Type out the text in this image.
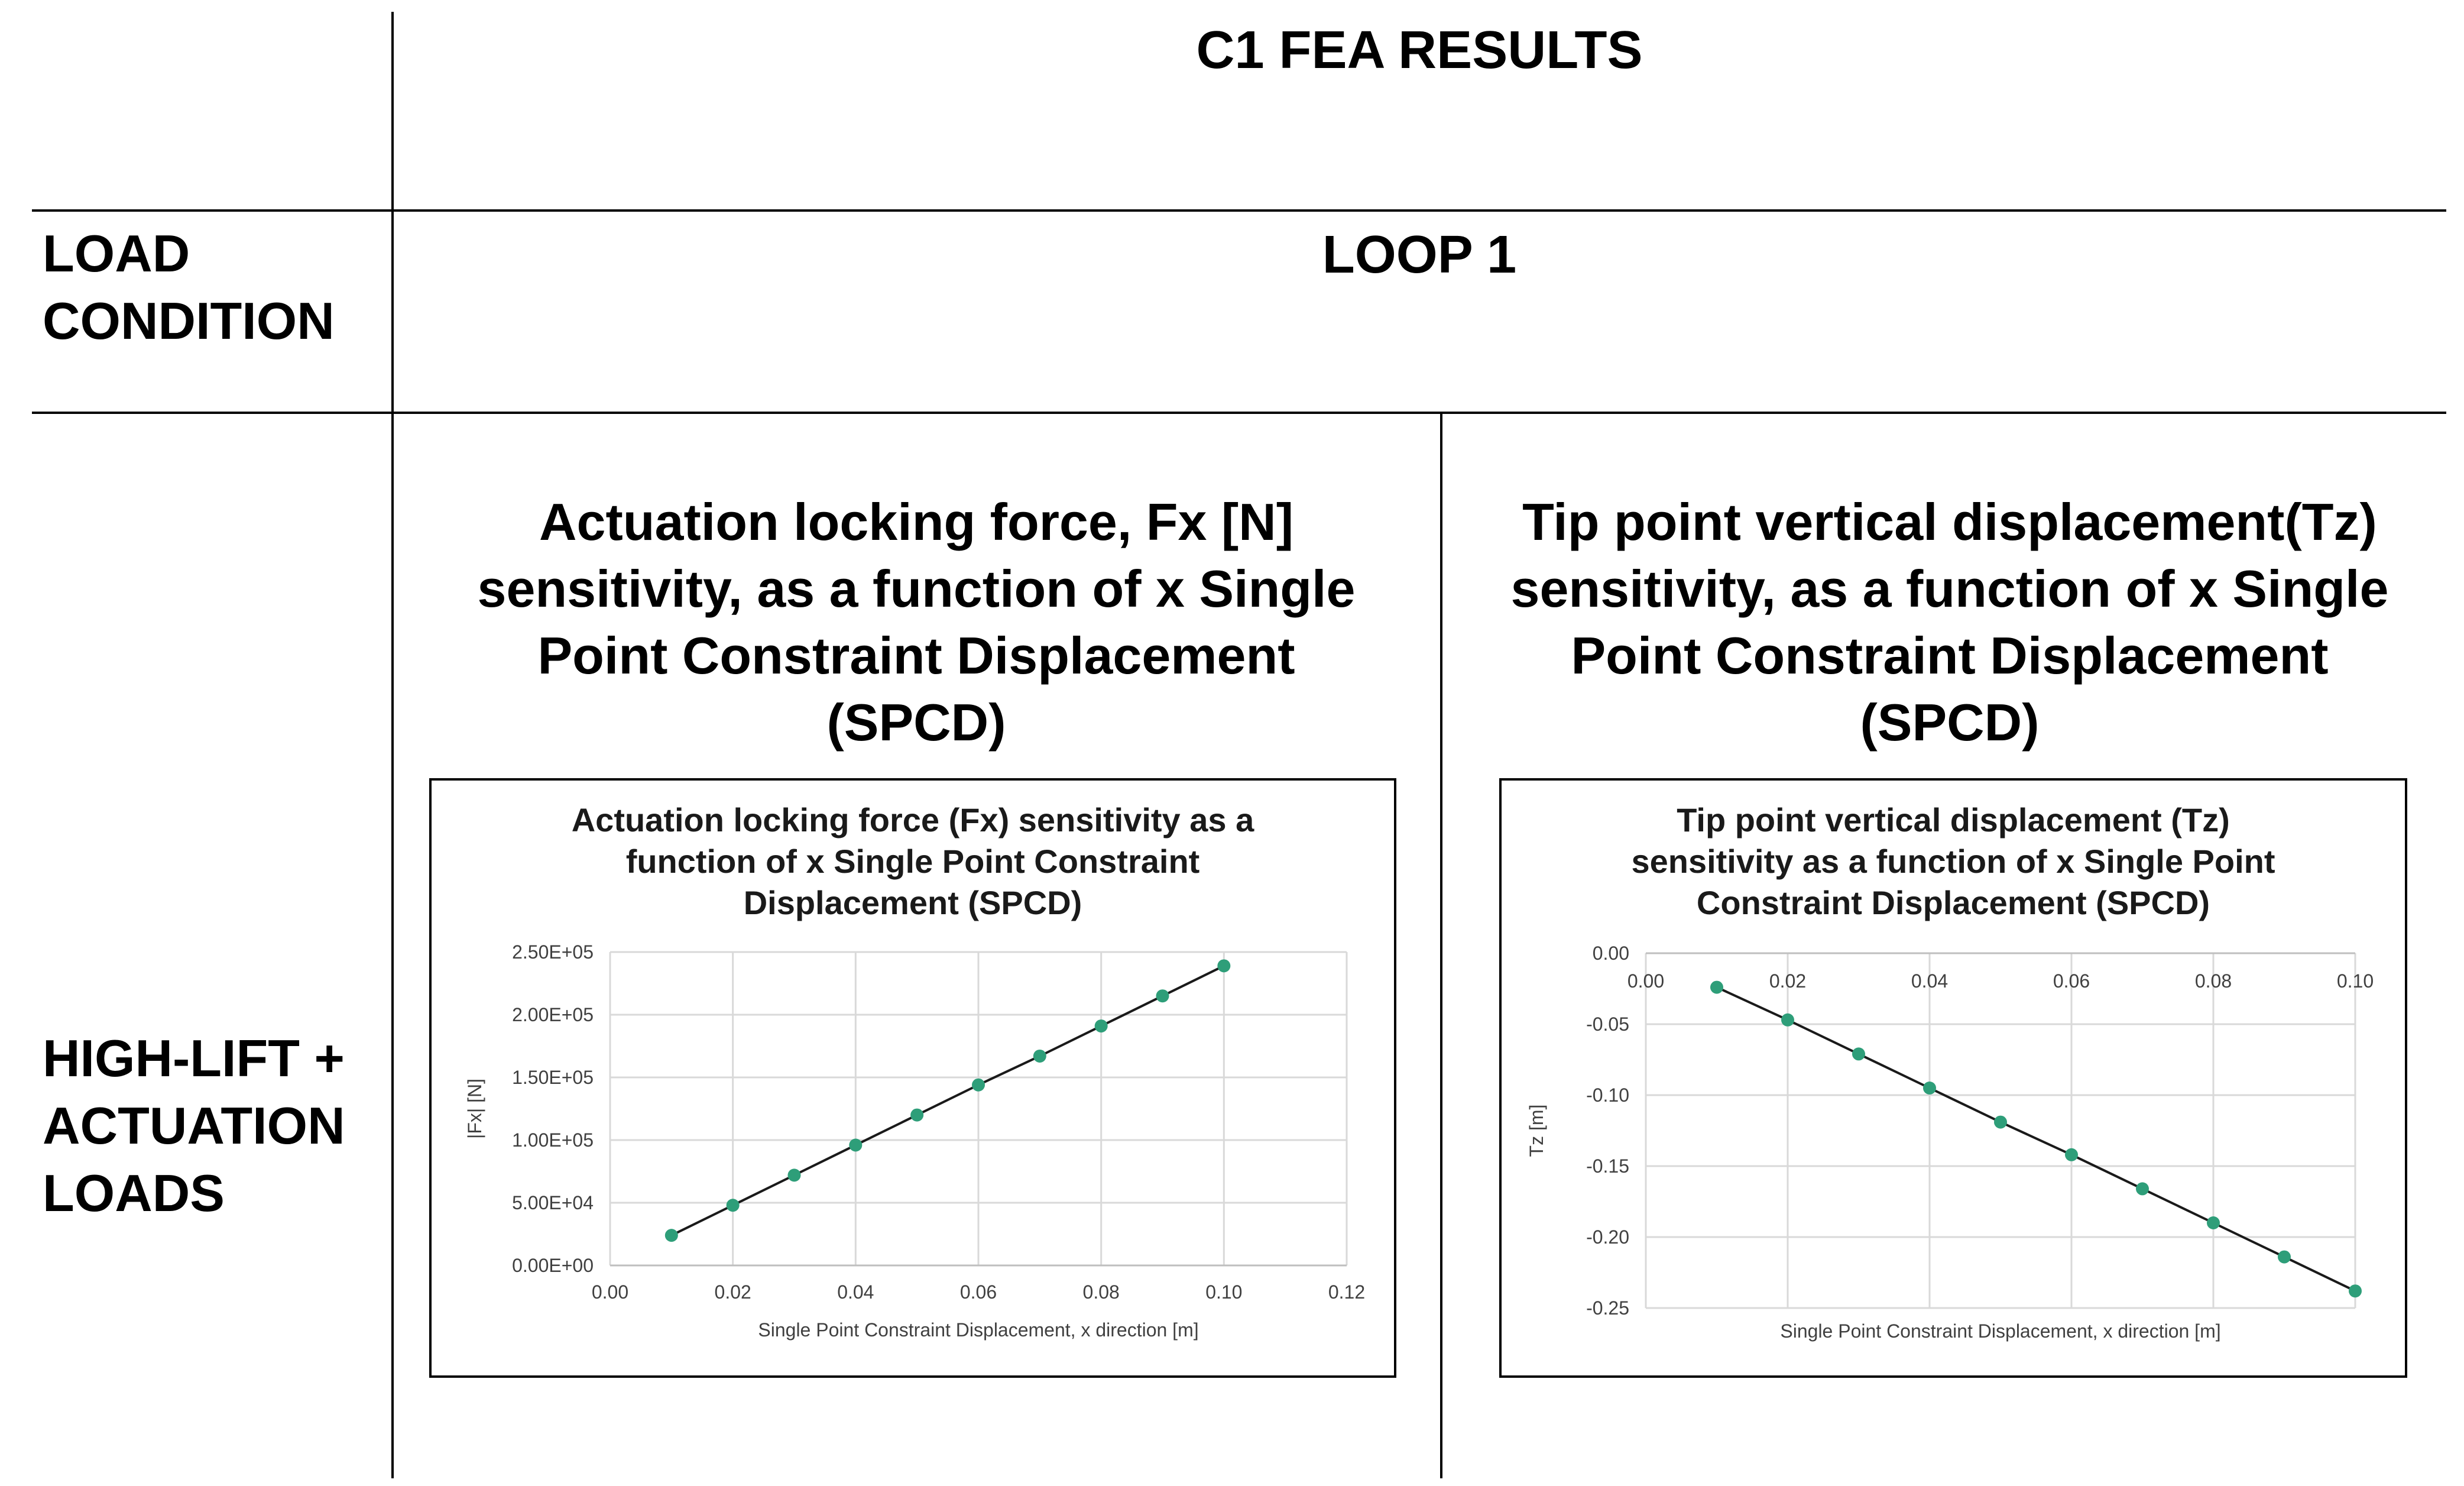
C1 FEA RESULTS
LOAD
CONDITION
LOOP 1
HIGH-LIFT +
ACTUATION
LOADS
Actuation locking force, Fx [N]
sensitivity, as a function of x Single
Point Constraint Displacement
(SPCD)
Tip point vertical displacement(Tz)
sensitivity, as a function of x Single
Point Constraint Displacement
(SPCD)
Actuation locking force (Fx) sensitivity as a
function of x Single Point Constraint
Displacement (SPCD)
0.00	0.02	0.04	0.06	0.08	0.10	0.12
0.00E+00
5.00E+04
1.00E+05
1.50E+05
2.00E+05
2.50E+05
Single Point Constraint Displacement, x direction [m]
|Fx| [N]
Tip point vertical displacement (Tz)
sensitivity as a function of x Single Point
Constraint Displacement (SPCD)
0.00	0.02	0.04	0.06	0.08	0.10
0.00
-0.05
-0.10
-0.15
-0.20
-0.25
Single Point Constraint Displacement, x direction [m]
Tz [m]
